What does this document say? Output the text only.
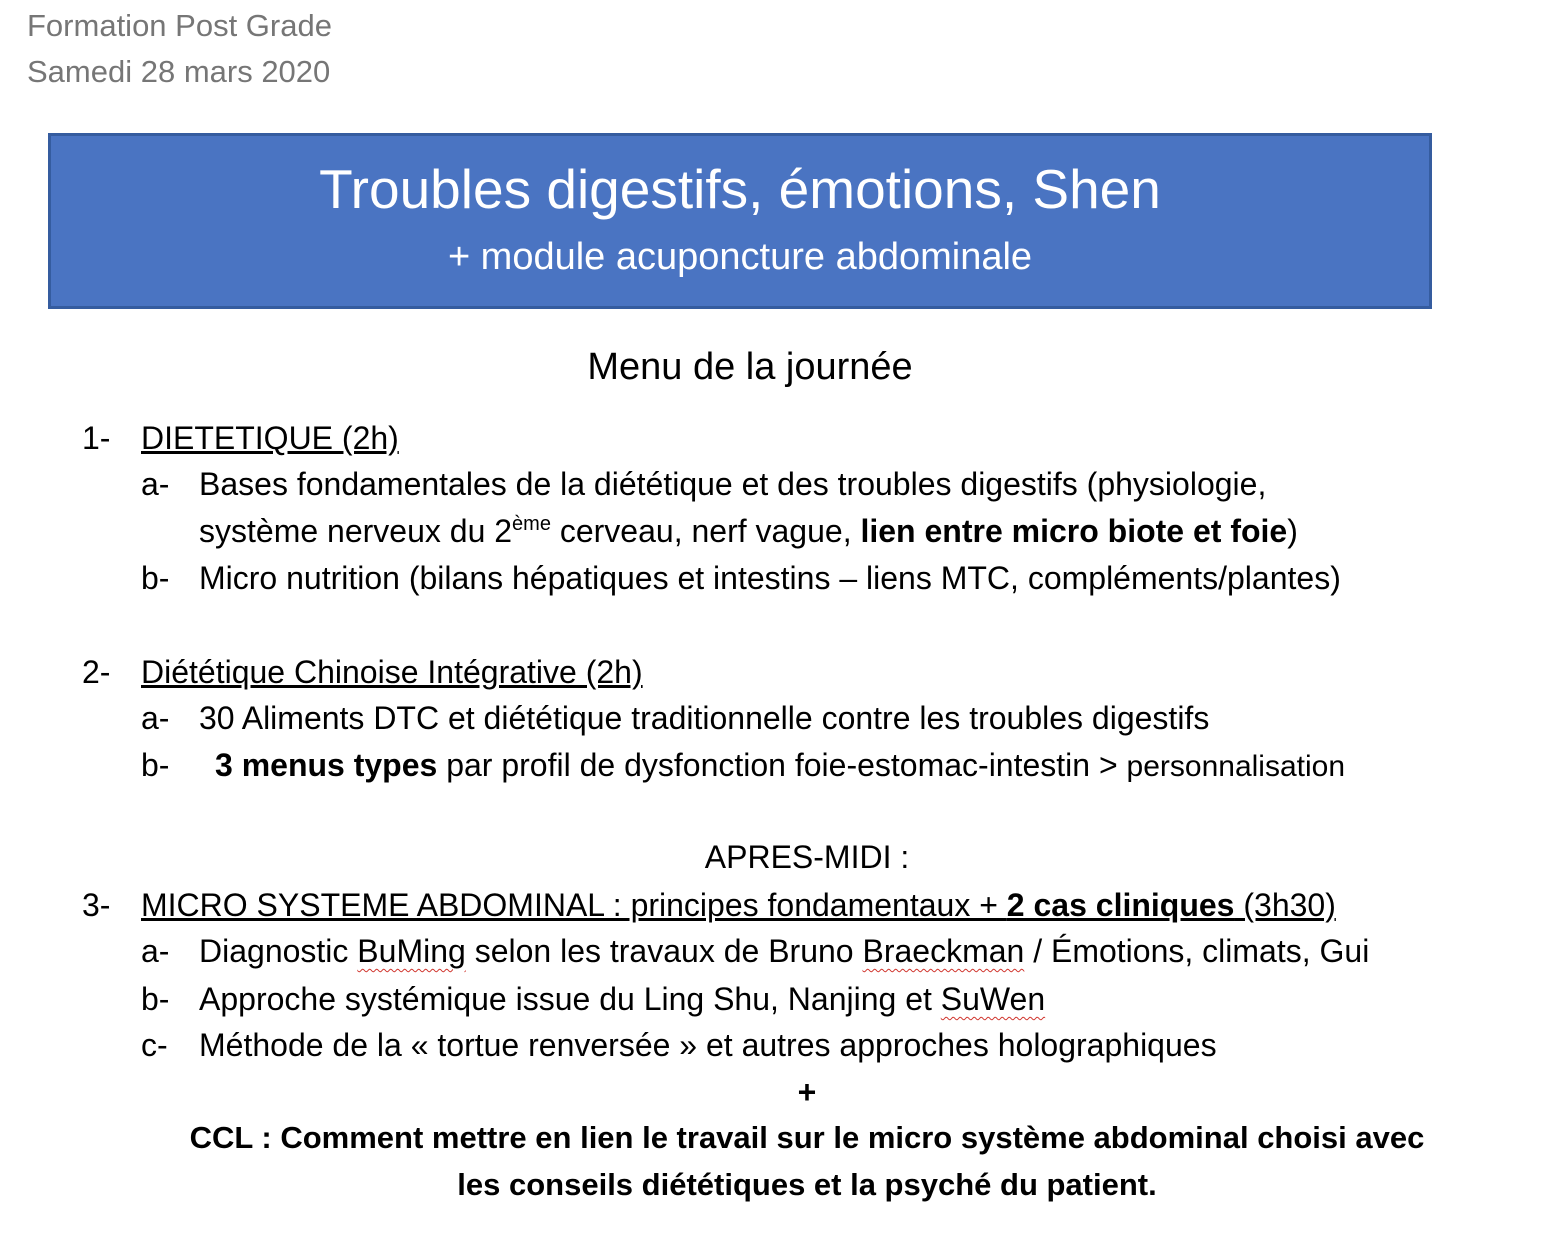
Formation Post Grade
Samedi 28 mars 2020
Troubles digestifs, émotions, Shen
+ module acuponcture abdominale
Menu de la journée
1- DIETETIQUE (2h)
a- Bases fondamentales de la diététique et des troubles digestifs (physiologie,
système nerveux du 2ème cerveau, nerf vague, lien entre micro biote et foie)
b- Micro nutrition (bilans hépatiques et intestins – liens MTC, compléments/plantes)
2- Diététique Chinoise Intégrative (2h)
a- 30 Aliments DTC et diététique traditionnelle contre les troubles digestifs
b- 3 menus types par profil de dysfonction foie-estomac-intestin > personnalisation
APRES-MIDI :
3- MICRO SYSTEME ABDOMINAL : principes fondamentaux + 2 cas cliniques (3h30)
a- Diagnostic BuMing selon les travaux de Bruno Braeckman / Émotions, climats, Gui
b- Approche systémique issue du Ling Shu, Nanjing et SuWen
c- Méthode de la « tortue renversée » et autres approches holographiques
+
CCL : Comment mettre en lien le travail sur le micro système abdominal choisi avec
les conseils diététiques et la psyché du patient.
